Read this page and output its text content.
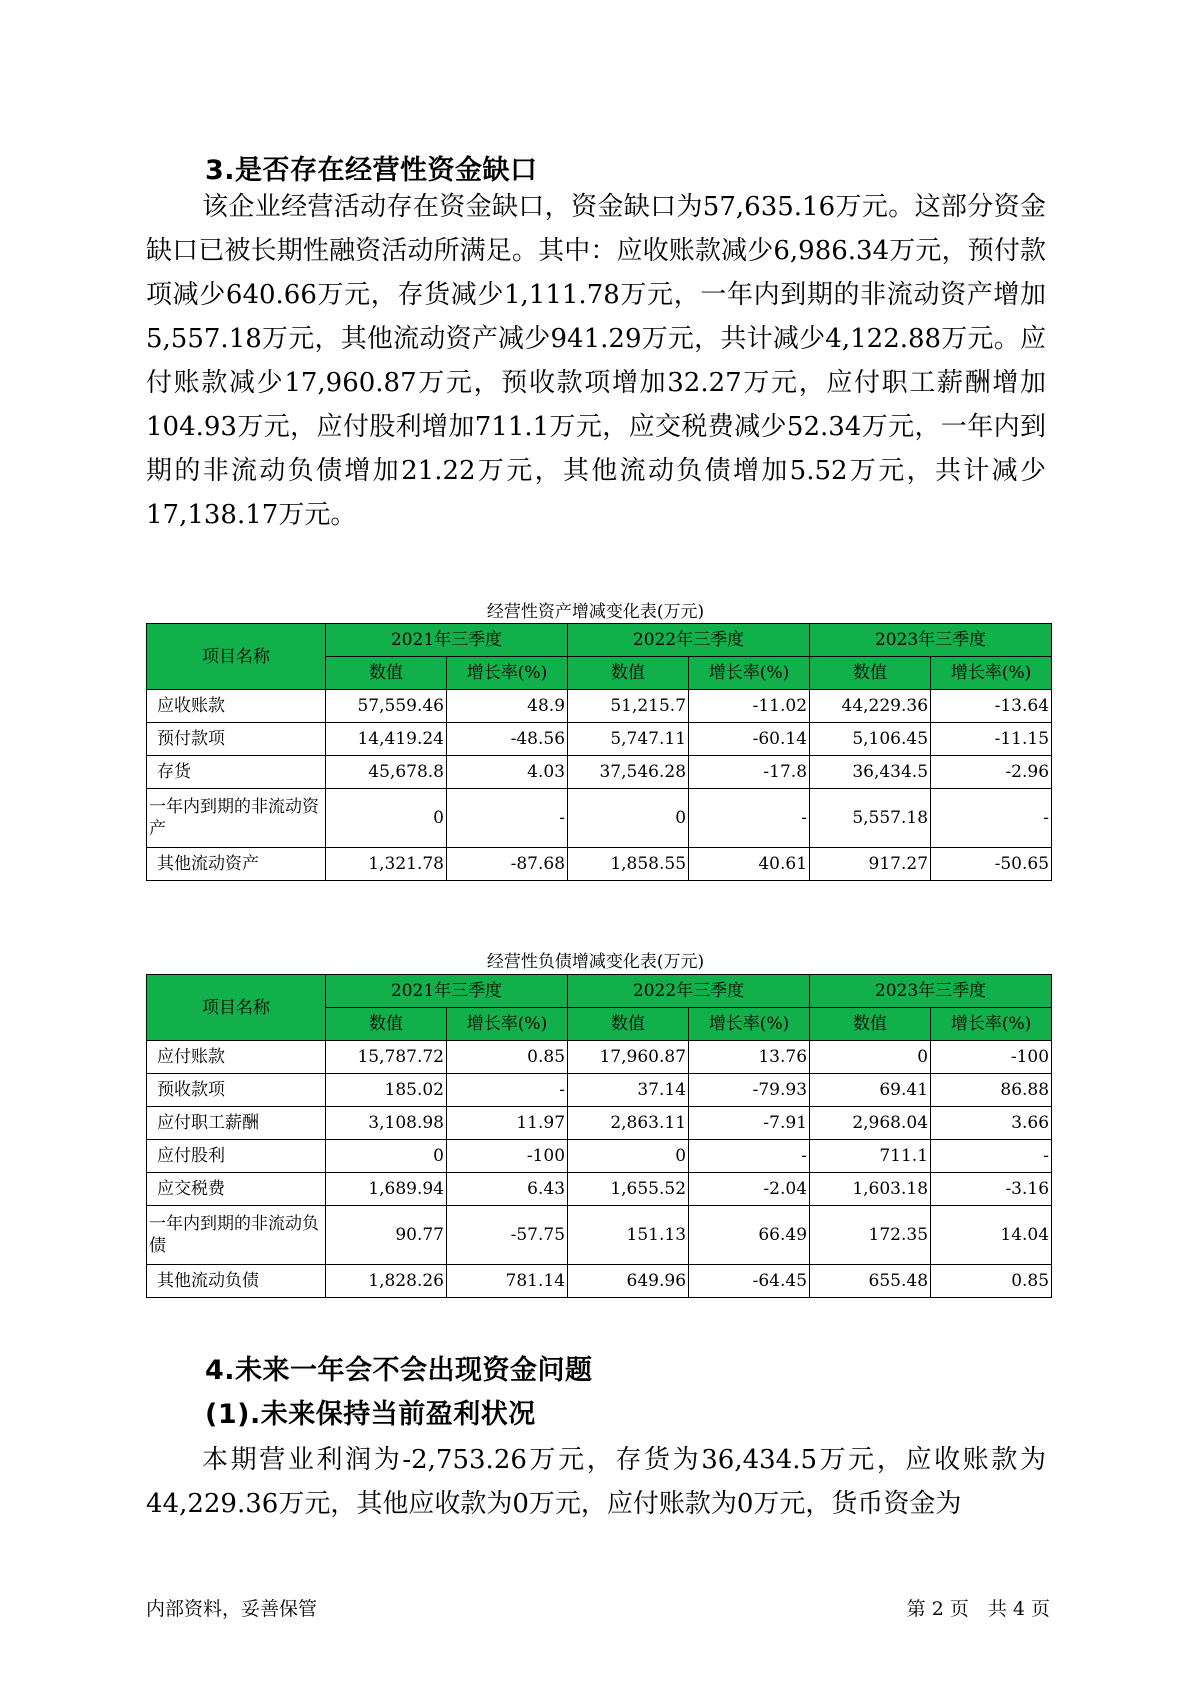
3.是否存在经营性资金缺口
该企业经营活动存在资金缺口，资金缺口为57,635.16万元。这部分资金缺口已被长期性融资活动所满足。其中：应收账款减少6,986.34万元，预付款项减少640.66万元，存货减少1,111.78万元，一年内到期的非流动资产增加5,557.18万元，其他流动资产减少941.29万元，共计减少4,122.88万元。应付账款减少17,960.87万元，预收款项增加32.27万元，应付职工薪酬增加104.93万元，应付股利增加711.1万元，应交税费减少52.34万元，一年内到期的非流动负债增加21.22万元，其他流动负债增加5.52万元，共计减少17,138.17万元。
经营性资产增减变化表(万元)
项目名称	2021年三季度		2022年三季度		2023年三季度	
	数值	增长率(%)	数值	增长率(%)	数值	增长率(%)
应收账款	57,559.46	48.9	51,215.7	-11.02	44,229.36	-13.64
预付款项	14,419.24	-48.56	5,747.11	-60.14	5,106.45	-11.15
存货	45,678.8	4.03	37,546.28	-17.8	36,434.5	-2.96
一年内到期的非流动资产	0	-	0	-	5,557.18	-
其他流动资产	1,321.78	-87.68	1,858.55	40.61	917.27	-50.65
经营性负债增减变化表(万元)
项目名称	2021年三季度		2022年三季度		2023年三季度	
	数值	增长率(%)	数值	增长率(%)	数值	增长率(%)
应付账款	15,787.72	0.85	17,960.87	13.76	0	-100
预收款项	185.02	-	37.14	-79.93	69.41	86.88
应付职工薪酬	3,108.98	11.97	2,863.11	-7.91	2,968.04	3.66
应付股利	0	-100	0	-	711.1	-
应交税费	1,689.94	6.43	1,655.52	-2.04	1,603.18	-3.16
一年内到期的非流动负债	90.77	-57.75	151.13	66.49	172.35	14.04
其他流动负债	1,828.26	781.14	649.96	-64.45	655.48	0.85
4.未来一年会不会出现资金问题
(1).未来保持当前盈利状况
本期营业利润为-2,753.26万元，存货为36,434.5万元，应收账款为44,229.36万元，其他应收款为0万元，应付账款为0万元，货币资金为
内部资料，妥善保管	第 2 页　共 4 页
